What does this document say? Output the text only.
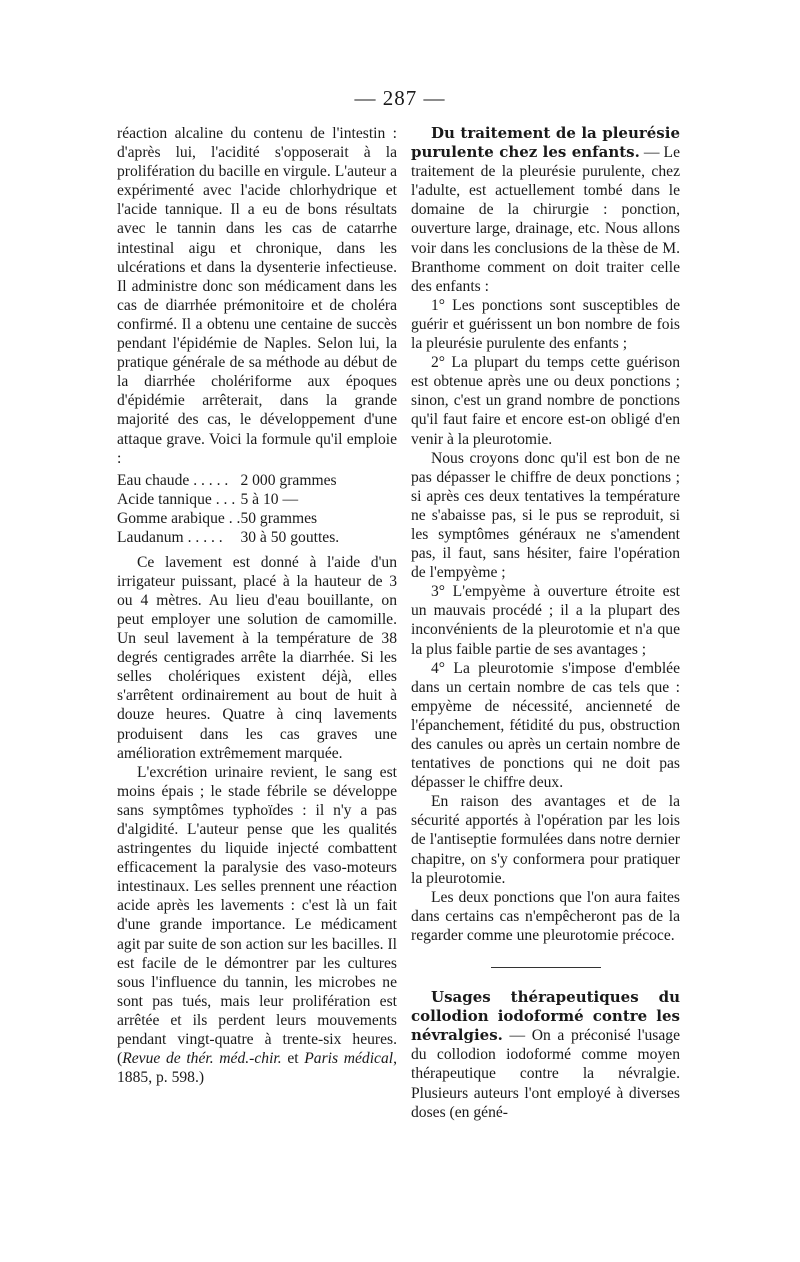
— 287 —

réaction alcaline du contenu de l'intestin : d'après lui, l'acidité s'opposerait à la prolifération du bacille en virgule. L'auteur a expérimenté avec l'acide chlorhydrique et l'acide tannique. Il a eu de bons résultats avec le tannin dans les cas de catarrhe intestinal aigu et chronique, dans les ulcérations et dans la dysenterie infectieuse. Il administre donc son médicament dans les cas de diarrhée prémonitoire et de choléra confirmé. Il a obtenu une centaine de succès pendant l'épidémie de Naples. Selon lui, la pratique générale de sa méthode au début de la diarrhée cholériforme aux époques d'épidémie arrêterait, dans la grande majorité des cas, le développement d'une attaque grave. Voici la formule qu'il emploie :

Eau chaude . . . . .	2 000 grammes
Acide tannique . . .	5 à 10 —
Gomme arabique . .	50 grammes
Laudanum . . . . .	30 à 50 gouttes.

Ce lavement est donné à l'aide d'un irrigateur puissant, placé à la hauteur de 3 ou 4 mètres. Au lieu d'eau bouillante, on peut employer une solution de camomille. Un seul lavement à la température de 38 degrés centigrades arrête la diarrhée. Si les selles cholériques existent déjà, elles s'arrêtent ordinairement au bout de huit à douze heures. Quatre à cinq lavements produisent dans les cas graves une amélioration extrêmement marquée.

L'excrétion urinaire revient, le sang est moins épais ; le stade fébrile se développe sans symptômes typhoïdes : il n'y a pas d'algidité. L'auteur pense que les qualités astringentes du liquide injecté combattent efficacement la paralysie des vaso-moteurs intestinaux. Les selles prennent une réaction acide après les lavements : c'est là un fait d'une grande importance. Le médicament agit par suite de son action sur les bacilles. Il est facile de le démontrer par les cultures sous l'influence du tannin, les microbes ne sont pas tués, mais leur prolifération est arrêtée et ils perdent leurs mouvements pendant vingt-quatre à trente-six heures. (Revue de thér. méd.-chir. et Paris médical, 1885, p. 598.)

Du traitement de la pleurésie purulente chez les enfants. — Le traitement de la pleurésie purulente, chez l'adulte, est actuellement tombé dans le domaine de la chirurgie : ponction, ouverture large, drainage, etc. Nous allons voir dans les conclusions de la thèse de M. Branthome comment on doit traiter celle des enfants :

1° Les ponctions sont susceptibles de guérir et guérissent un bon nombre de fois la pleurésie purulente des enfants ;

2° La plupart du temps cette guérison est obtenue après une ou deux ponctions ; sinon, c'est un grand nombre de ponctions qu'il faut faire et encore est-on obligé d'en venir à la pleurotomie.

Nous croyons donc qu'il est bon de ne pas dépasser le chiffre de deux ponctions ; si après ces deux tentatives la température ne s'abaisse pas, si le pus se reproduit, si les symptômes généraux ne s'amendent pas, il faut, sans hésiter, faire l'opération de l'empyème ;

3° L'empyème à ouverture étroite est un mauvais procédé ; il a la plupart des inconvénients de la pleurotomie et n'a que la plus faible partie de ses avantages ;

4° La pleurotomie s'impose d'emblée dans un certain nombre de cas tels que : empyème de nécessité, ancienneté de l'épanchement, fétidité du pus, obstruction des canules ou après un certain nombre de tentatives de ponctions qui ne doit pas dépasser le chiffre deux.

En raison des avantages et de la sécurité apportés à l'opération par les lois de l'antiseptie formulées dans notre dernier chapitre, on s'y conformera pour pratiquer la pleurotomie.

Les deux ponctions que l'on aura faites dans certains cas n'empêcheront pas de la regarder comme une pleurotomie précoce.

Usages thérapeutiques du collodion iodoformé contre les névralgies. — On a préconisé l'usage du collodion iodoformé comme moyen thérapeutique contre la névralgie. Plusieurs auteurs l'ont employé à diverses doses (en géné-
